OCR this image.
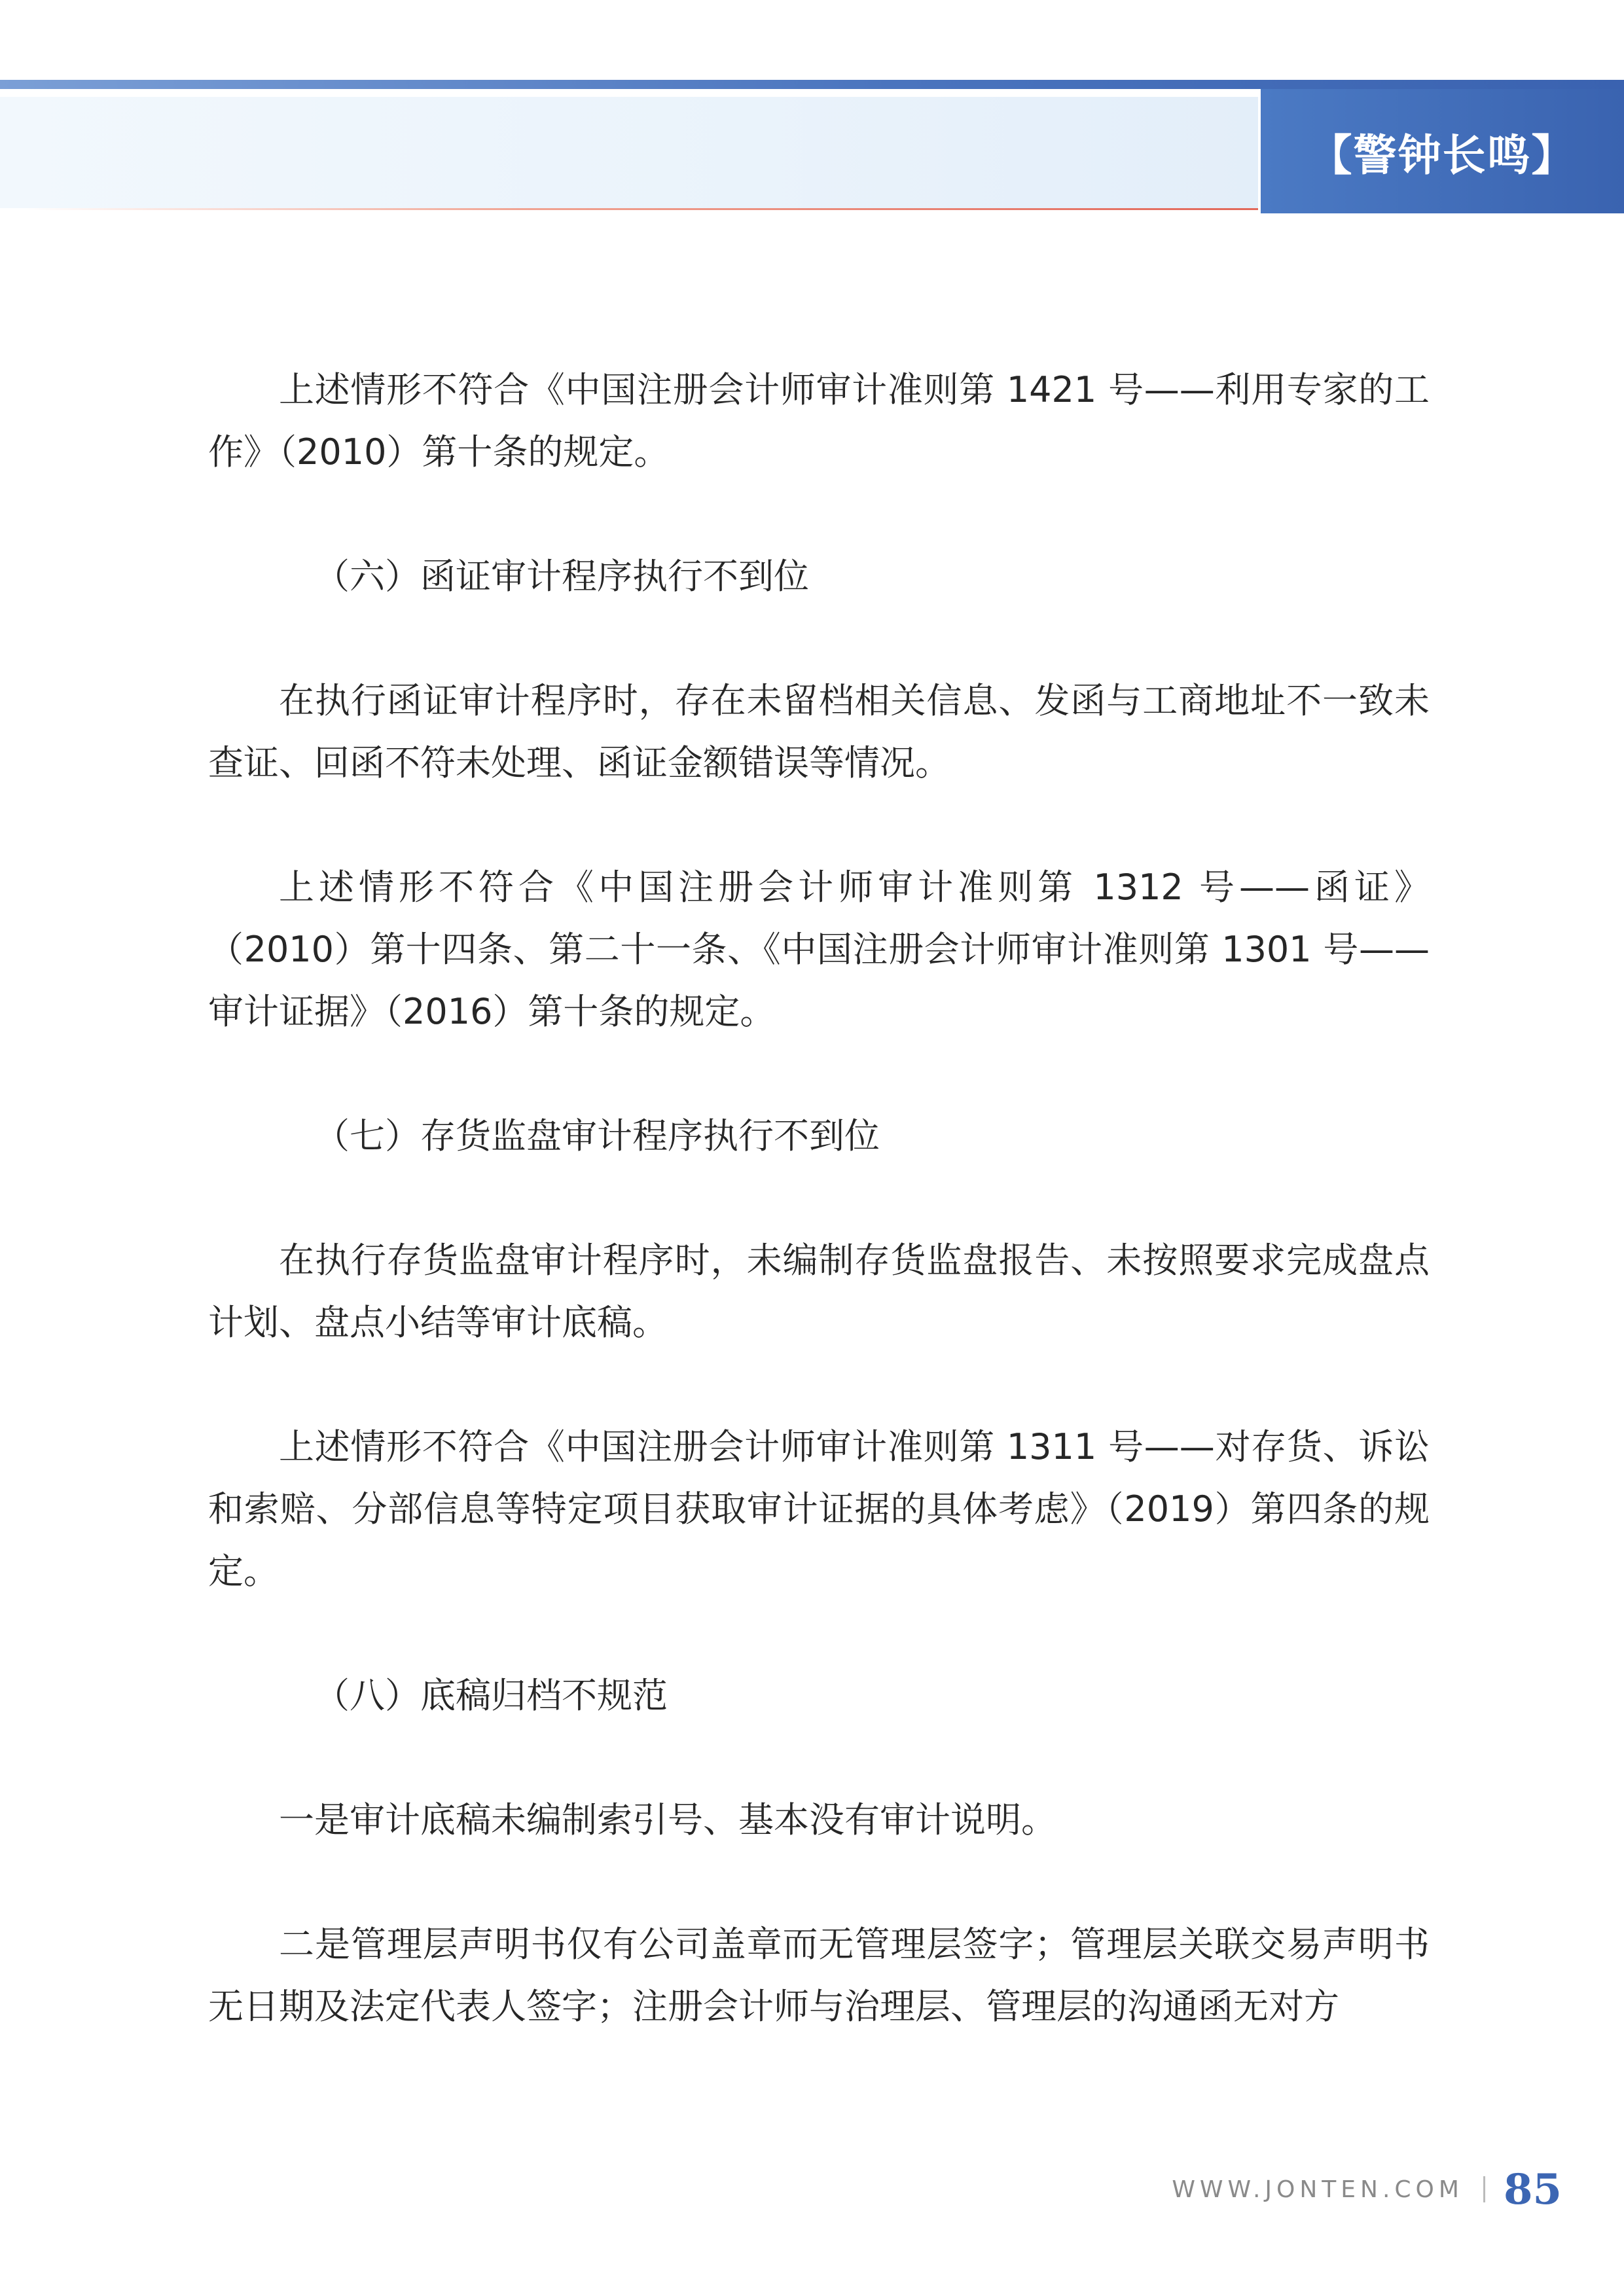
【警钟长鸣】

上述情形不符合《中国注册会计师审计准则第 1421 号——利用专家的工作》（2010）第十条的规定。

（六）函证审计程序执行不到位

在执行函证审计程序时，存在未留档相关信息、发函与工商地址不一致未查证、回函不符未处理、函证金额错误等情况。

上述情形不符合《中国注册会计师审计准则第 1312 号——函证》（2010）第十四条、第二十一条、《中国注册会计师审计准则第 1301 号——审计证据》（2016）第十条的规定。

（七）存货监盘审计程序执行不到位

在执行存货监盘审计程序时，未编制存货监盘报告、未按照要求完成盘点计划、盘点小结等审计底稿。

上述情形不符合《中国注册会计师审计准则第 1311 号——对存货、诉讼和索赔、分部信息等特定项目获取审计证据的具体考虑》（2019）第四条的规定。

（八）底稿归档不规范

一是审计底稿未编制索引号、基本没有审计说明。

二是管理层声明书仅有公司盖章而无管理层签字；管理层关联交易声明书无日期及法定代表人签字；注册会计师与治理层、管理层的沟通函无对方

WWW.JONTEN.COM 85
